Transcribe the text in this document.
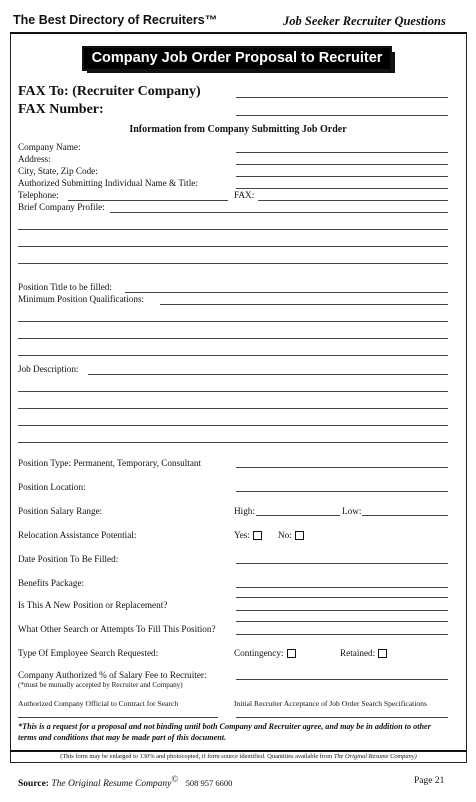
The Best Directory of Recruiters™	Job Seeker Recruiter Questions
Company Job Order Proposal to Recruiter
FAX To: (Recruiter Company)
FAX Number:
Information from Company Submitting Job Order
Company Name:
Address:
City, State, Zip Code:
Authorized Submitting Individual Name & Title:
Telephone:	FAX:
Brief Company Profile:
Position Title to be filled:
Minimum Position Qualifications:
Job Description:
Position Type: Permanent, Temporary, Consultant
Position Location:
Position Salary Range:	High:	Low:
Relocation Assistance Potential:	Yes:	No:
Date Position To Be Filled:
Benefits Package:
Is This A New Position or Replacement?
What Other Search or Attempts To Fill This Position?
Type Of Employee Search Requested:	Contingency:	Retained:
Company Authorized % of Salary Fee to Recruiter:
(*must be mutually accepted by Recruiter and Company)
Authorized Company Official to Contract for Search	Initial Recruiter Acceptance of Job Order Search Specifications
*This is a request for a proposal and not binding until both Company and Recruiter agree, and may be in addition to other terms and conditions that may be made part of this document.
(This form may be enlarged to 130% and photocopied, if form source identified. Quantities available from The Original Resume Company)
Source: The Original Resume Company© 508 957 6600	Page 21
